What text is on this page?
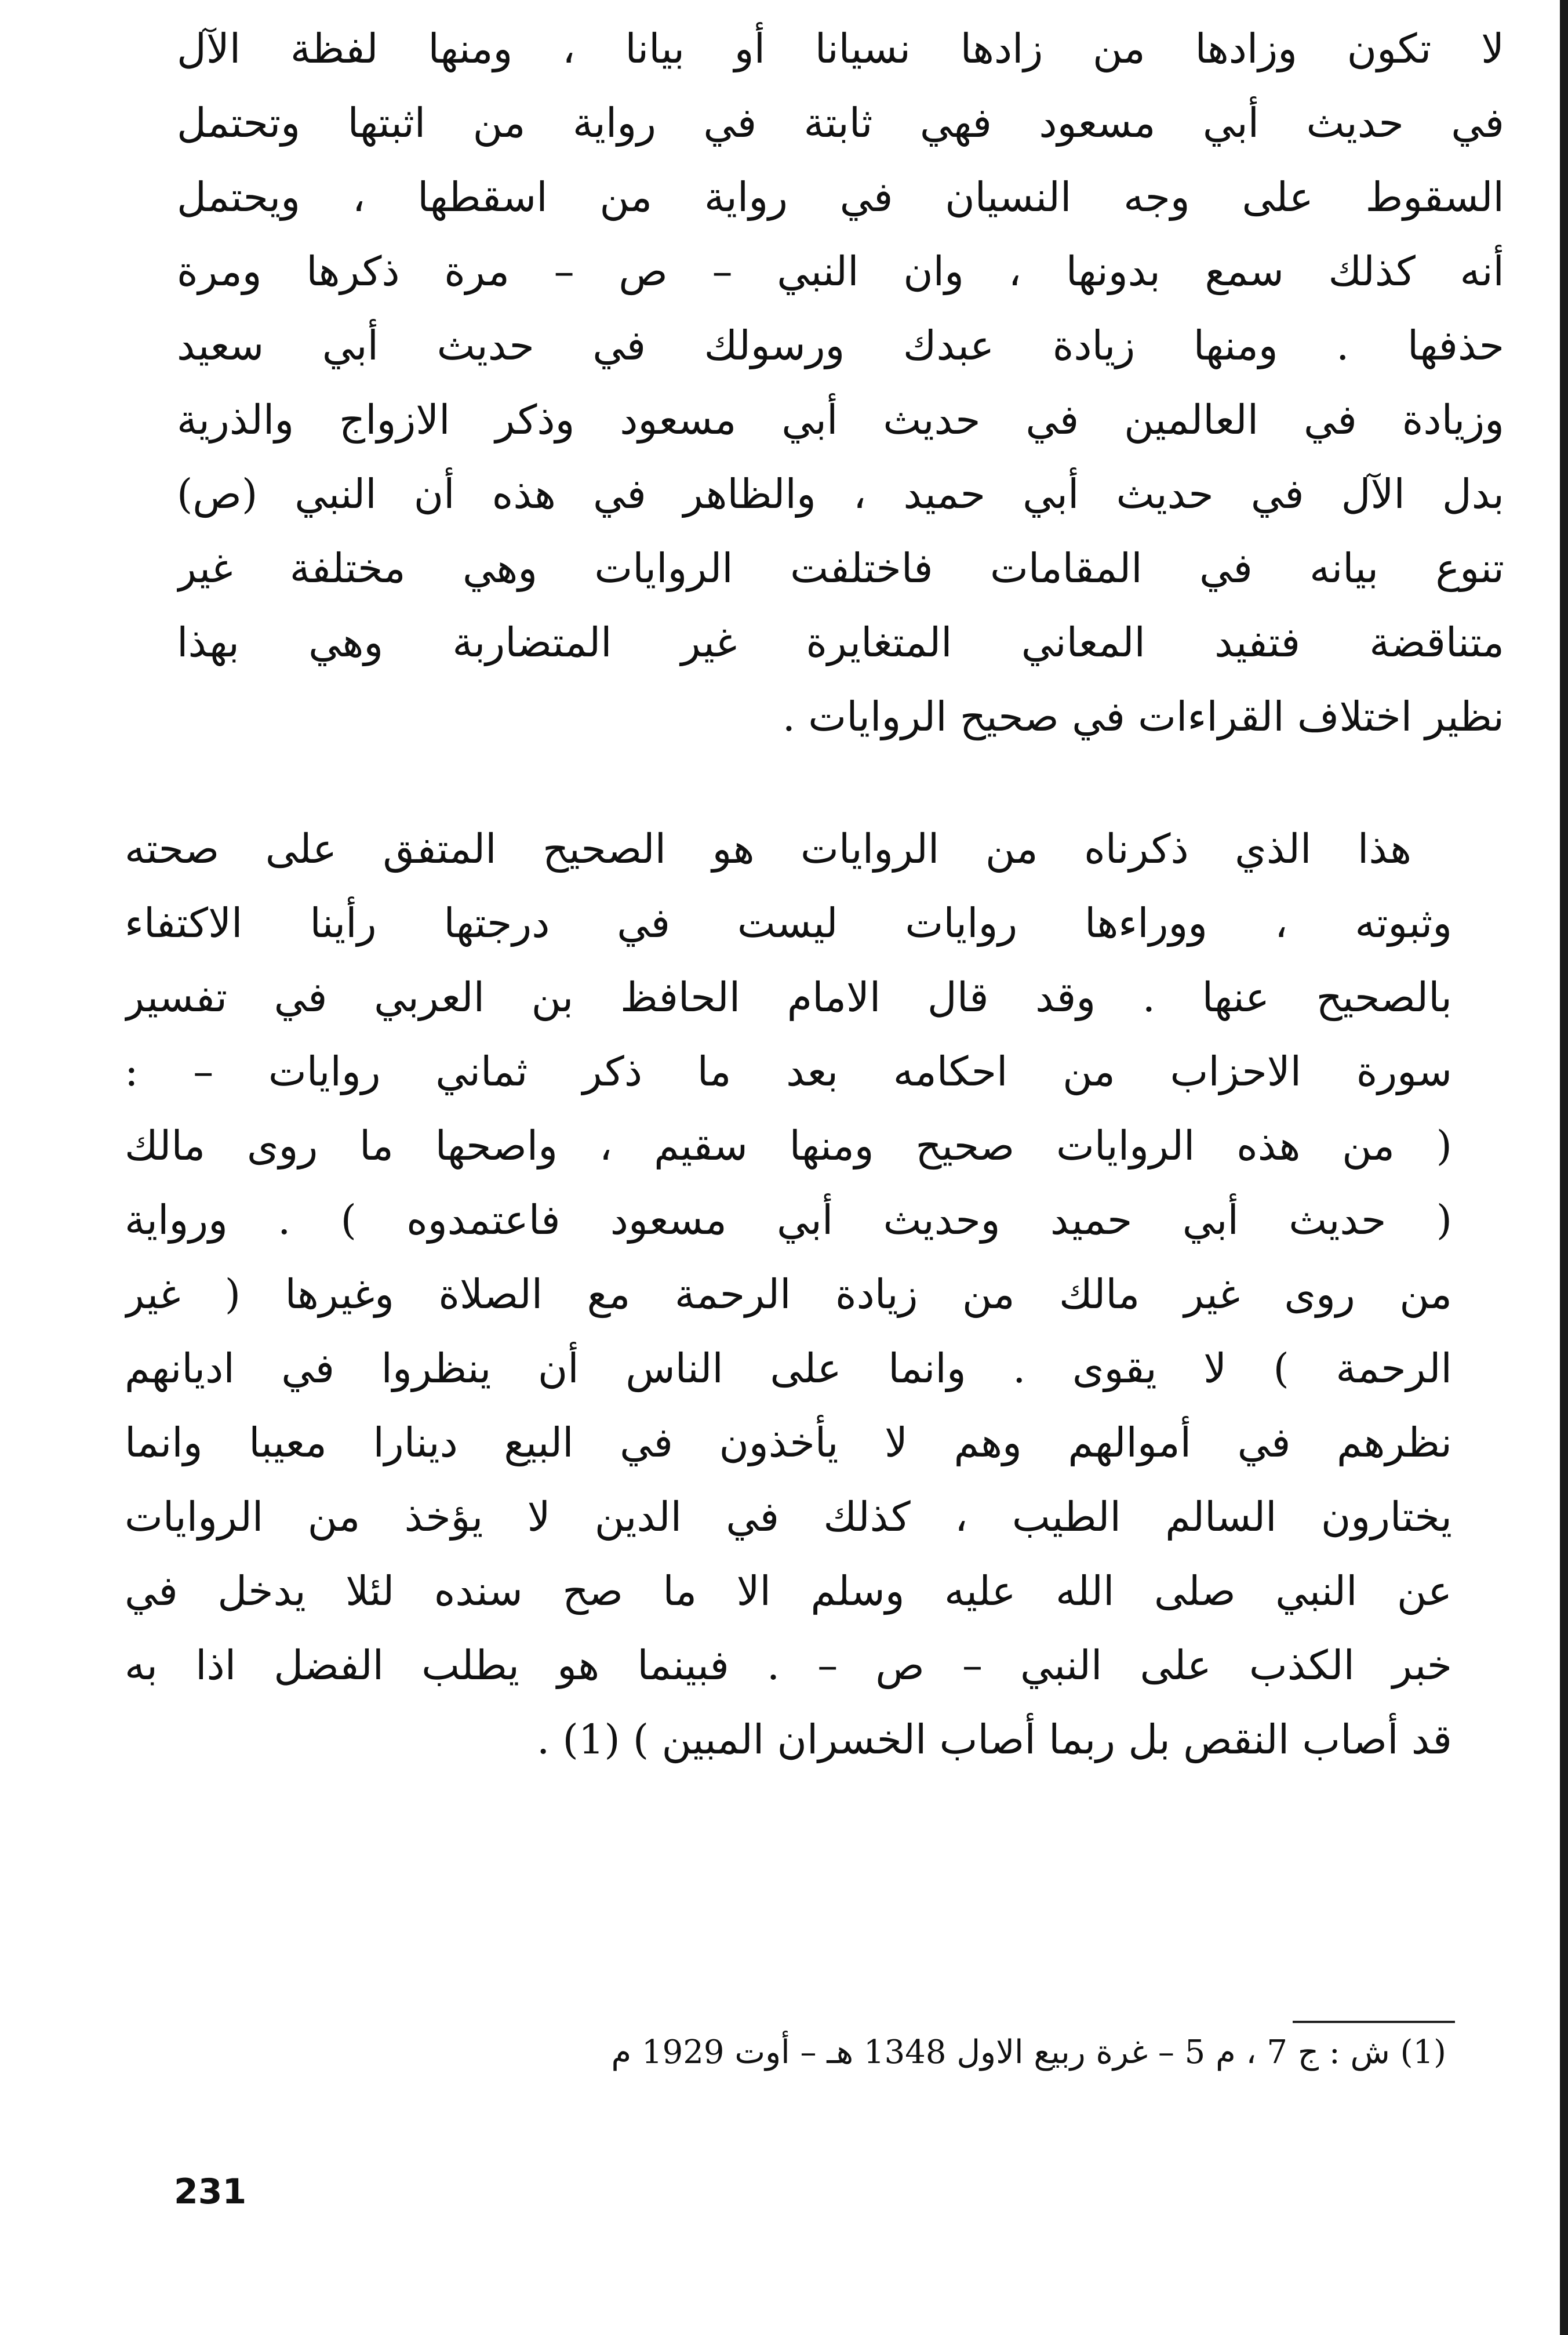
لا تكون وزادها من زادها نسيانا أو بيانا ، ومنها لفظة الآل
في حديث أبي مسعود فهي ثابتة في رواية من اثبتها وتحتمل
السقوط على وجه النسيان في رواية من اسقطها ، ويحتمل
أنه كذلك سمع بدونها ، وان النبي – ص – مرة ذكرها ومرة
حذفها . ومنها زيادة عبدك ورسولك في حديث أبي سعيد
وزيادة في العالمين في حديث أبي مسعود وذكر الازواج والذرية
بدل الآل في حديث أبي حميد ، والظاهر في هذه أن النبي (ص)
تنوع بيانه في المقامات فاختلفت الروايات وهي مختلفة غير
متناقضة فتفيد المعاني المتغايرة غير المتضاربة وهي بهذا
نظير اختلاف القراءات في صحيح الروايات .
هذا الذي ذكرناه من الروايات هو الصحيح المتفق على صحته
وثبوته ، ووراءها روايات ليست في درجتها رأينا الاكتفاء
بالصحيح عنها . وقد قال الامام الحافظ بن العربي في تفسير
سورة الاحزاب من احكامه بعد ما ذكر ثماني روايات – :
( من هذه الروايات صحيح ومنها سقيم ، واصحها ما روى مالك
( حديث أبي حميد وحديث أبي مسعود فاعتمدوه ) . ورواية
من روى غير مالك من زيادة الرحمة مع الصلاة وغيرها ( غير
الرحمة ) لا يقوى . وانما على الناس أن ينظروا في اديانهم
نظرهم في أموالهم وهم لا يأخذون في البيع دينارا معيبا وانما
يختارون السالم الطيب ، كذلك في الدين لا يؤخذ من الروايات
عن النبي صلى الله عليه وسلم الا ما صح سنده لئلا يدخل في
خبر الكذب على النبي – ص – . فبينما هو يطلب الفضل اذا به
قد أصاب النقص بل ربما أصاب الخسران المبين ) (1) .
(1) ش : ج 7 ، م 5 – غرة ربيع الاول 1348 هـ – أوت 1929 م
231
